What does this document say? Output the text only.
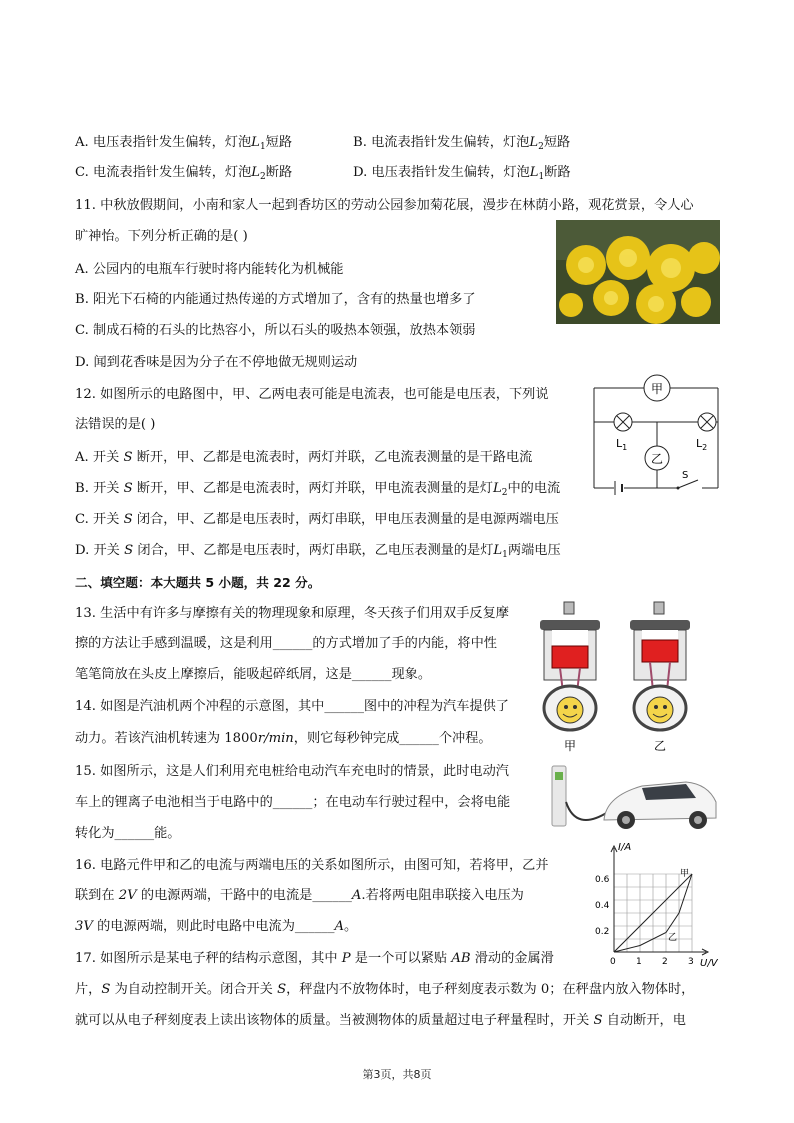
A. 电压表指针发生偏转，灯泡$L_1$短路	B. 电流表指针发生偏转，灯泡$L_2$短路
C. 电流表指针发生偏转，灯泡$L_2$断路	D. 电压表指针发生偏转，灯泡$L_1$断路
11. 中秋放假期间，小南和家人一起到香坊区的劳动公园参加菊花展，漫步在林荫小路，观花赏景，令人心
旷神怡。下列分析正确的是( )
A. 公园内的电瓶车行驶时将内能转化为机械能
B. 阳光下石椅的内能通过热传递的方式增加了，含有的热量也增多了
C. 制成石椅的石头的比热容小，所以石头的吸热本领强，放热本领弱
D. 闻到花香味是因为分子在不停地做无规则运动
12. 如图所示的电路图中，甲、乙两电表可能是电流表，也可能是电压表，下列说
法错误的是( )
A. 开关 S 断开，甲、乙都是电流表时，两灯并联，乙电流表测量的是干路电流
B. 开关 S 断开，甲、乙都是电流表时，两灯并联，甲电流表测量的是灯$L_2$中的电流
C. 开关 S 闭合，甲、乙都是电压表时，两灯串联，甲电压表测量的是电源两端电压
D. 开关 S 闭合，甲、乙都是电压表时，两灯串联，乙电压表测量的是灯$L_1$两端电压
甲
$L_1$	$L_2$
乙
S
二、填空题：本大题共 5 小题，共 22 分。
13. 生活中有许多与摩擦有关的物理现象和原理，冬天孩子们用双手反复摩
擦的方法让手感到温暖，这是利用______的方式增加了手的内能，将中性
笔笔筒放在头皮上摩擦后，能吸起碎纸屑，这是______现象。
14. 如图是汽油机两个冲程的示意图，其中______图中的冲程为汽车提供了
动力。若该汽油机转速为 1800r/min，则它每秒钟完成______个冲程。	甲	乙
15. 如图所示，这是人们利用充电桩给电动汽车充电时的情景，此时电动汽
车上的锂离子电池相当于电路中的______；在电动车行驶过程中，会将电能
转化为______能。
16. 电路元件甲和乙的电流与两端电压的关系如图所示，由图可知，若将甲，乙并
联到在 2V 的电源两端，干路中的电流是______A.若将两电阻串联接入电压为
3V 的电源两端，则此时电路中电流为______A。
I/A
U/V
0.6
0.4
0.2
0 1 2 3
甲
乙
17. 如图所示是某电子秤的结构示意图，其中 P 是一个可以紧贴 AB 滑动的金属滑
片，S 为自动控制开关。闭合开关 S，秤盘内不放物体时，电子秤刻度表示数为 0；在秤盘内放入物体时，
就可以从电子秤刻度表上读出该物体的质量。当被测物体的质量超过电子秤量程时，开关 S 自动断开，电
第3页，共8页
